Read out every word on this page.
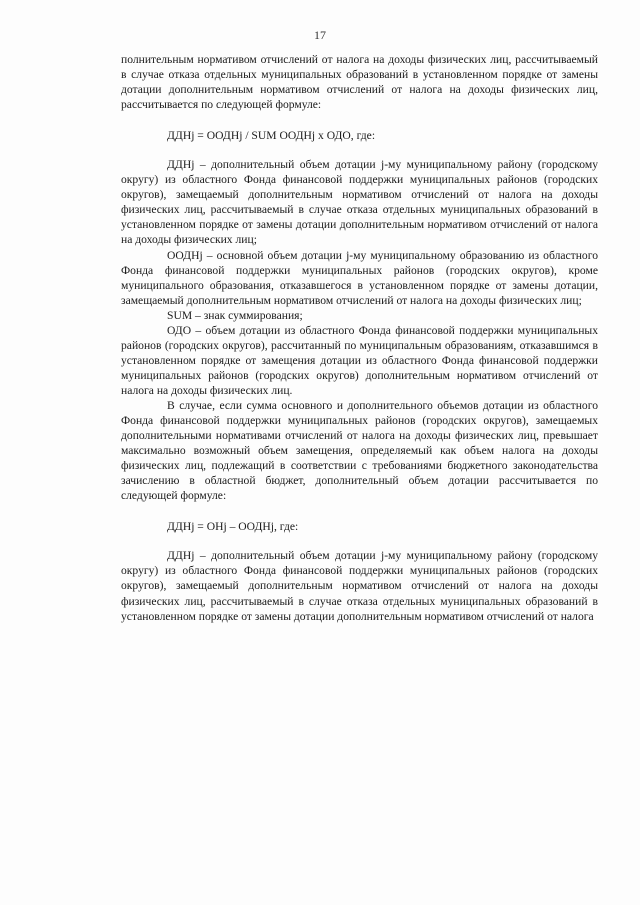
17

полнительным нормативом отчислений от налога на доходы физических лиц, рассчитываемый в случае отказа отдельных муниципальных образований в установленном порядке от замены дотации дополнительным нормативом отчислений от налога на доходы физических лиц, рассчитывается по следующей формуле:

ДДНj = ООДНj / SUM ООДНj x ОДО, где:

ДДНj – дополнительный объем дотации j-му муниципальному району (городскому округу) из областного Фонда финансовой поддержки муниципальных районов (городских округов), замещаемый дополнительным нормативом отчислений от налога на доходы физических лиц, рассчитываемый в случае отказа отдельных муниципальных образований в установленном порядке от замены дотации дополнительным нормативом отчислений от налога на доходы физических лиц;

ООДНj – основной объем дотации j-му муниципальному образованию из областного Фонда финансовой поддержки муниципальных районов (городских округов), кроме муниципального образования, отказавшегося в установленном порядке от замены дотации, замещаемый дополнительным нормативом отчислений от налога на доходы физических лиц;

SUM – знак суммирования;

ОДО – объем дотации из областного Фонда финансовой поддержки муниципальных районов (городских округов), рассчитанный по муниципальным образованиям, отказавшимся в установленном порядке от замещения дотации из областного Фонда финансовой поддержки муниципальных районов (городских округов) дополнительным нормативом отчислений от налога на доходы физических лиц.

В случае, если сумма основного и дополнительного объемов дотации из областного Фонда финансовой поддержки муниципальных районов (городских округов), замещаемых дополнительными нормативами отчислений от налога на доходы физических лиц, превышает максимально возможный объем замещения, определяемый как объем налога на доходы физических лиц, подлежащий в соответствии с требованиями бюджетного законодательства зачислению в областной бюджет, дополнительный объем дотации рассчитывается по следующей формуле:

ДДНj = ОНj – ООДНj, где:

ДДНj – дополнительный объем дотации j-му муниципальному району (городскому округу) из областного Фонда финансовой поддержки муниципальных районов (городских округов), замещаемый дополнительным нормативом отчислений от налога на доходы физических лиц, рассчитываемый в случае отказа отдельных муниципальных образований в установленном порядке от замены дотации дополнительным нормативом отчислений от налога
